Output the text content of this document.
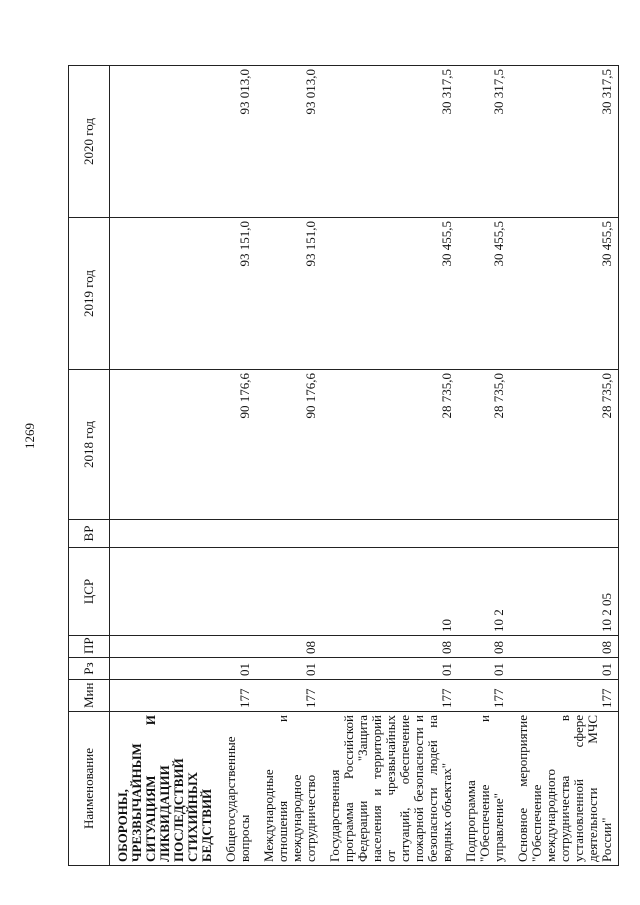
1269
Наименование	Мин	Рз	ПР	ЦСР	ВР	2018 год	2019 год	2020 год
ОБОРОНЫ, ЧРЕЗВЫЧАЙНЫМ СИТУАЦИЯМ И ЛИКВИДАЦИИ ПОСЛЕДСТВИЙ СТИХИЙНЫХ БЕДСТВИЙ								
Общегосударственные вопросы	177	01				90 176,6	93 151,0	93 013,0
Международные отношения и международное сотрудничество	177	01	08			90 176,6	93 151,0	93 013,0
Государственная программа Российской Федерации "Защита населения и территорий от чрезвычайных ситуаций, обеспечение пожарной безопасности и безопасности людей на водных объектах"	177	01	08	10		28 735,0	30 455,5	30 317,5
Подпрограмма "Обеспечение и управление"	177	01	08	10 2		28 735,0	30 455,5	30 317,5
Основное мероприятие "Обеспечение международного сотрудничества в установленной сфере деятельности МЧС России"	177	01	08	10 2 05		28 735,0	30 455,5	30 317,5
